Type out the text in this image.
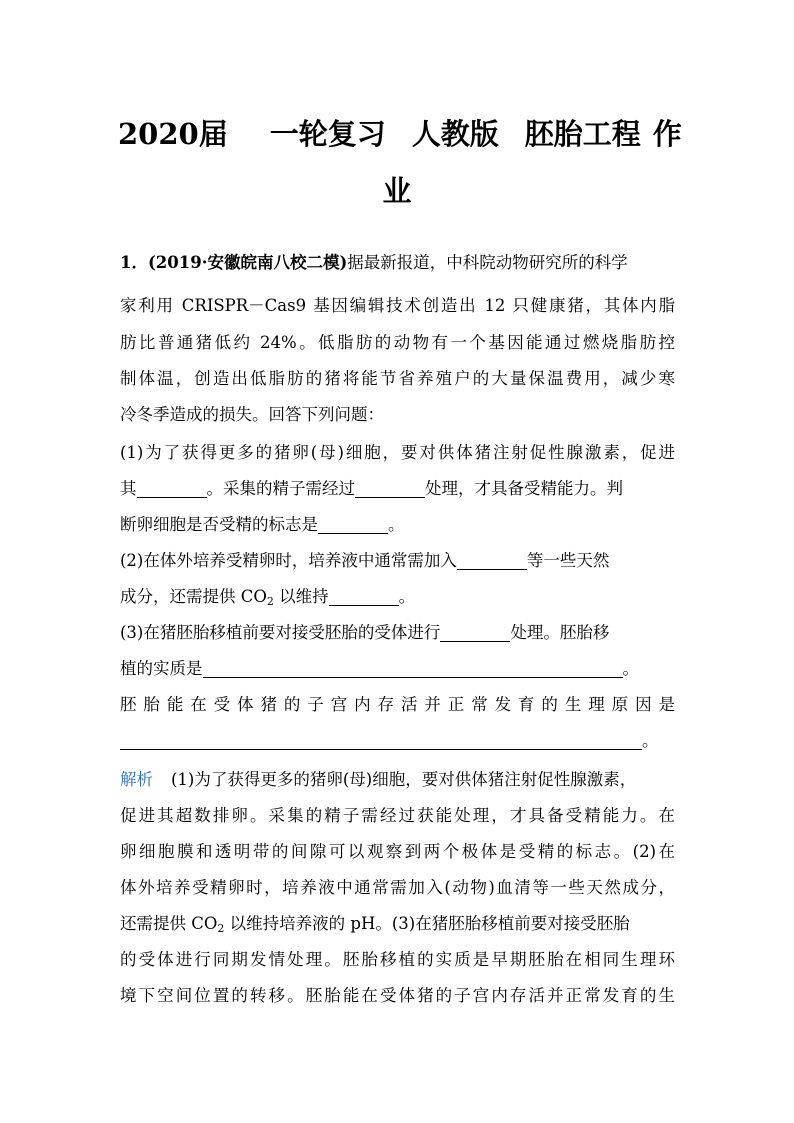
2020届 一轮复习 人教版 胚胎工程 作
业
1．(2019·安徽皖南八校二模)据最新报道，中科院动物研究所的科学
家利用 CRISPR－Cas9 基因编辑技术创造出 12 只健康猪，其体内脂
肪比普通猪低约 24%。低脂肪的动物有一个基因能通过燃烧脂肪控
制体温，创造出低脂肪的猪将能节省养殖户的大量保温费用，减少寒
冷冬季造成的损失。回答下列问题：
(1)为了获得更多的猪卵(母)细胞，要对供体猪注射促性腺激素，促进
其	。采集的精子需经过	处理，才具备受精能力。判
断卵细胞是否受精的标志是	。
(2)在体外培养受精卵时，培养液中通常需加入	等一些天然
成分，还需提供 $CO_2$ 以维持	。
(3)在猪胚胎移植前要对接受胚胎的受体进行	处理。胚胎移
植的实质是	。
胚胎能在受体猪的子宫内存活并正常发育的生理原因是
。
解析 (1)为了获得更多的猪卵(母)细胞，要对供体猪注射促性腺激素，
促进其超数排卵。采集的精子需经过获能处理，才具备受精能力。在
卵细胞膜和透明带的间隙可以观察到两个极体是受精的标志。(2)在
体外培养受精卵时，培养液中通常需加入(动物)血清等一些天然成分，
还需提供 $CO_2$ 以维持培养液的 pH。(3)在猪胚胎移植前要对接受胚胎
的受体进行同期发情处理。胚胎移植的实质是早期胚胎在相同生理环
境下空间位置的转移。胚胎能在受体猪的子宫内存活并正常发育的生
